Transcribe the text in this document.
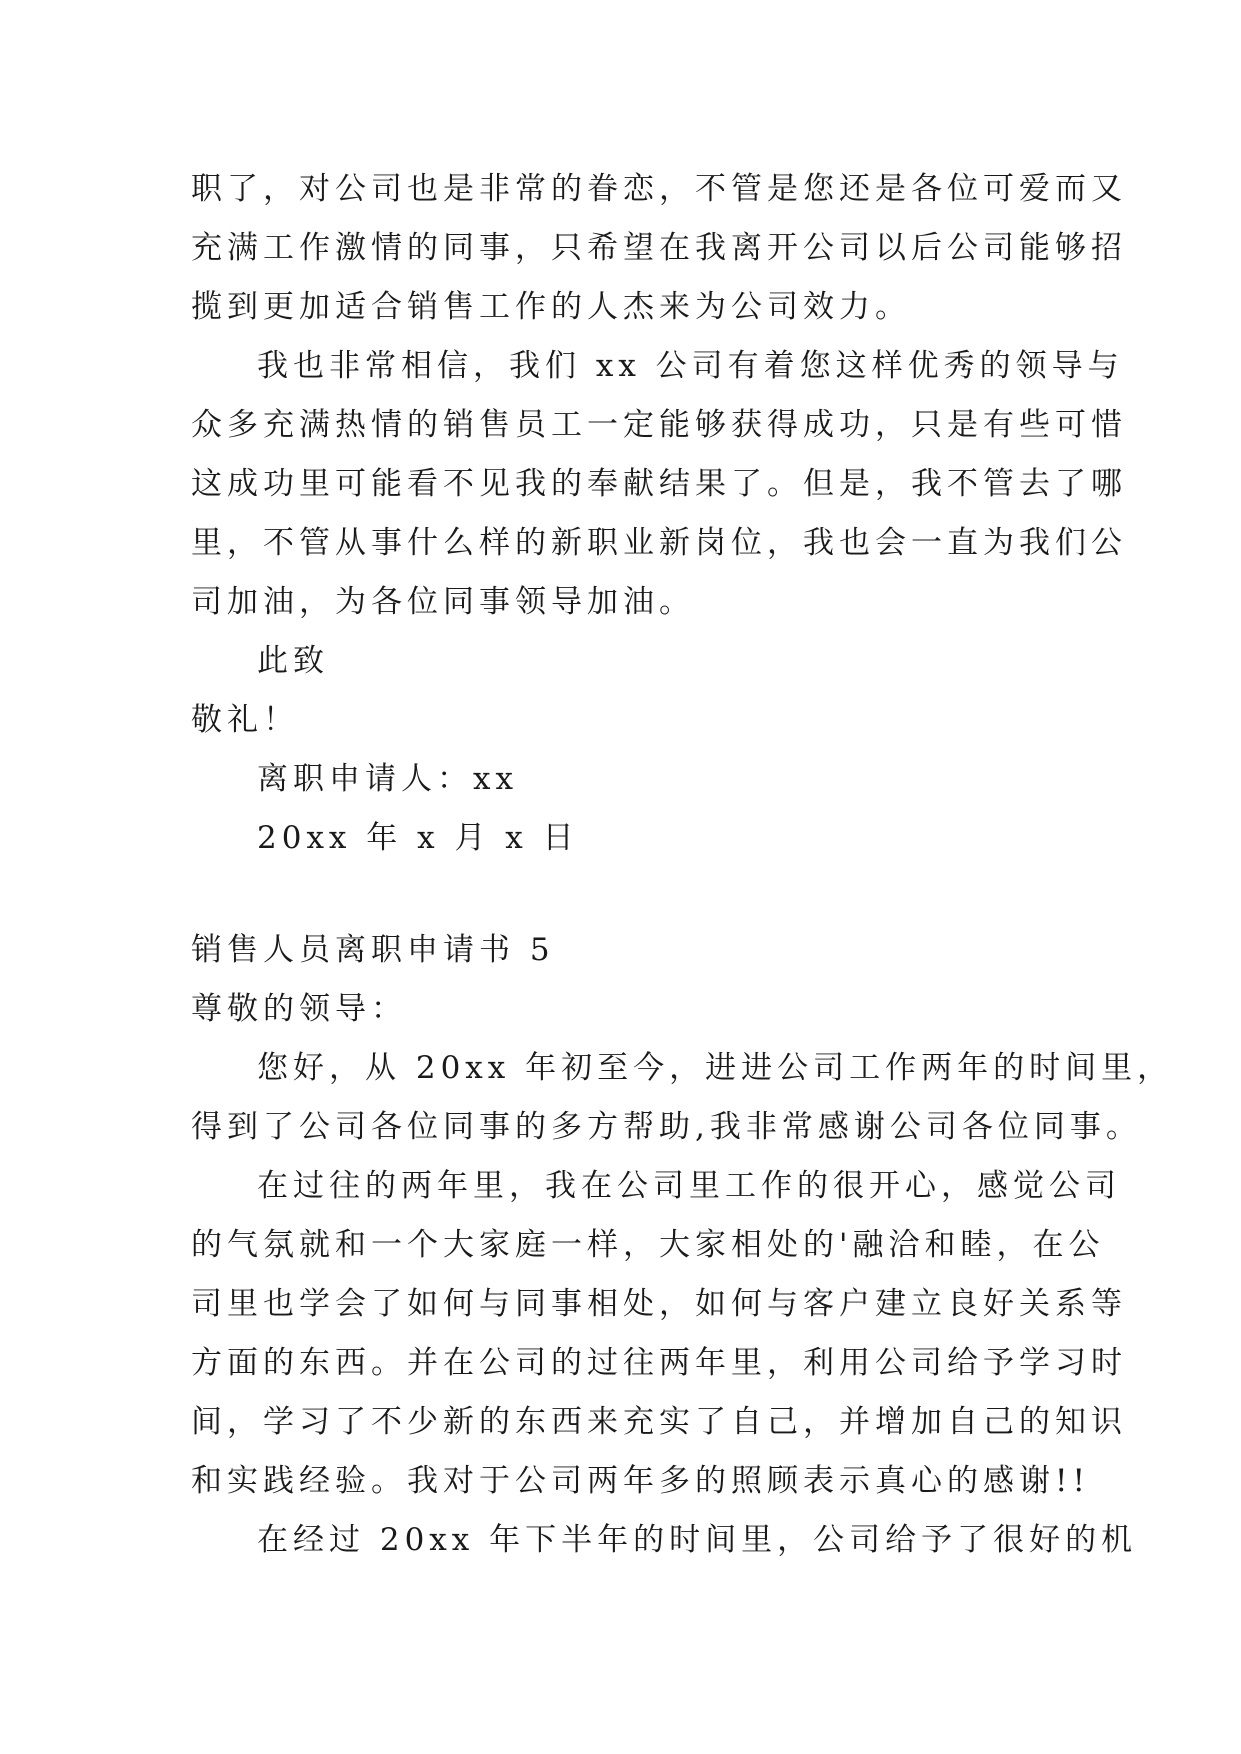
职了，对公司也是非常的眷恋，不管是您还是各位可爱而又
充满工作激情的同事，只希望在我离开公司以后公司能够招
揽到更加适合销售工作的人杰来为公司效力。
我也非常相信，我们 xx 公司有着您这样优秀的领导与
众多充满热情的销售员工一定能够获得成功，只是有些可惜
这成功里可能看不见我的奉献结果了。但是，我不管去了哪
里，不管从事什么样的新职业新岗位，我也会一直为我们公
司加油，为各位同事领导加油。
此致
敬礼！
离职申请人：xx
20xx 年 x 月 x 日
销售人员离职申请书 5
尊敬的领导：
您好，从 20xx 年初至今，进进公司工作两年的时间里，
得到了公司各位同事的多方帮助,我非常感谢公司各位同事。
在过往的两年里，我在公司里工作的很开心，感觉公司
的气氛就和一个大家庭一样，大家相处的'融洽和睦，在公
司里也学会了如何与同事相处，如何与客户建立良好关系等
方面的东西。并在公司的过往两年里，利用公司给予学习时
间，学习了不少新的东西来充实了自己，并增加自己的知识
和实践经验。我对于公司两年多的照顾表示真心的感谢!!
在经过 20xx 年下半年的时间里，公司给予了很好的机
